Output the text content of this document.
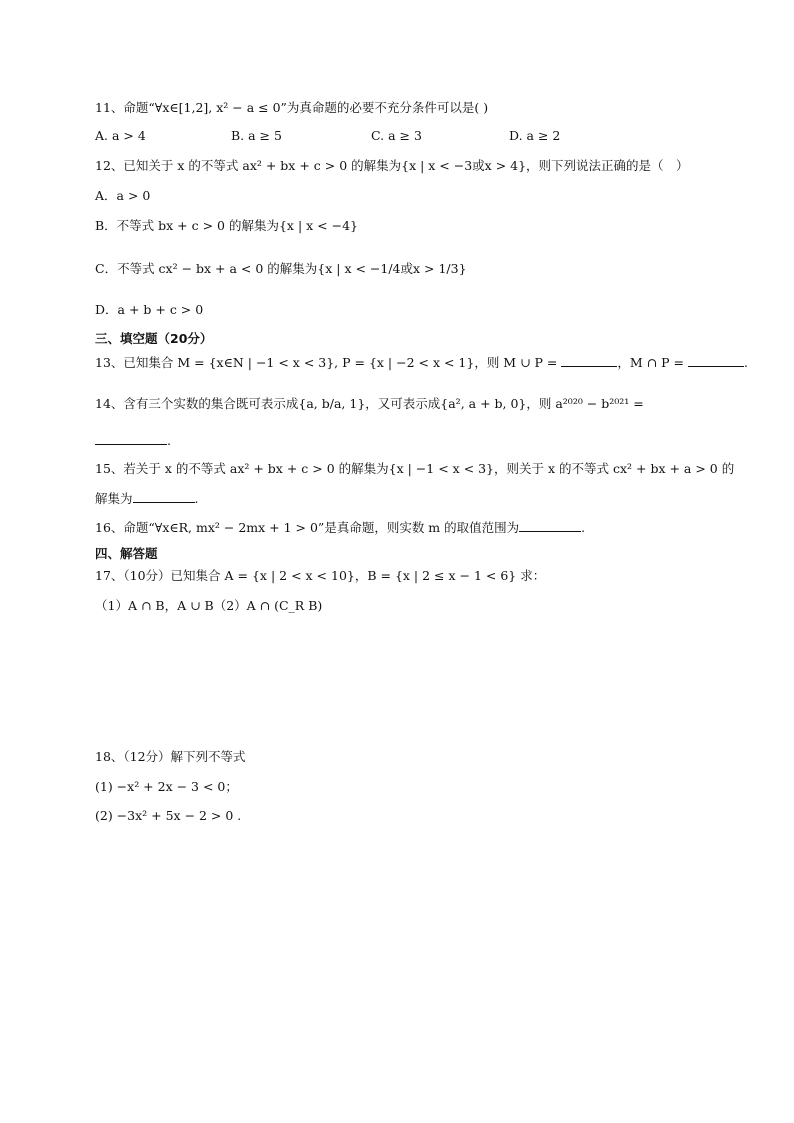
11、命题“∀x∈[1,2], x² − a ≤ 0”为真命题的必要不充分条件可以是( )
A. a > 4	B. a ≥ 5	C. a ≥ 3	D. a ≥ 2
12、已知关于 x 的不等式 ax² + bx + c > 0 的解集为{x | x < −3或x > 4}，则下列说法正确的是（　）
A．a > 0
B．不等式 bx + c > 0 的解集为{x | x < −4}
C．不等式 cx² − bx + a < 0 的解集为{x | x < −1/4或x > 1/3}
D．a + b + c > 0
三、填空题（20分）
13、已知集合 M = {x∈N | −1 < x < 3}, P = {x | −2 < x < 1}，则 M ∪ P =	，M ∩ P =	.
14、含有三个实数的集合既可表示成{a, b/a, 1}，又可表示成{a², a + b, 0}，则 a²⁰²⁰ − b²⁰²¹ =
.
15、若关于 x 的不等式 ax² + bx + c > 0 的解集为{x | −1 < x < 3}，则关于 x 的不等式 cx² + bx + a > 0 的
解集为	.
16、命题“∀x∈R, mx² − 2mx + 1 > 0”是真命题，则实数 m 的取值范围为	.
四、解答题
17、（10分）已知集合 A = {x | 2 < x < 10}，B = {x | 2 ≤ x − 1 < 6} 求：
（1）A ∩ B，A ∪ B（2）A ∩ (C_R B)
18、（12分）解下列不等式
(1) −x² + 2x − 3 < 0；
(2) −3x² + 5x − 2 > 0 .
